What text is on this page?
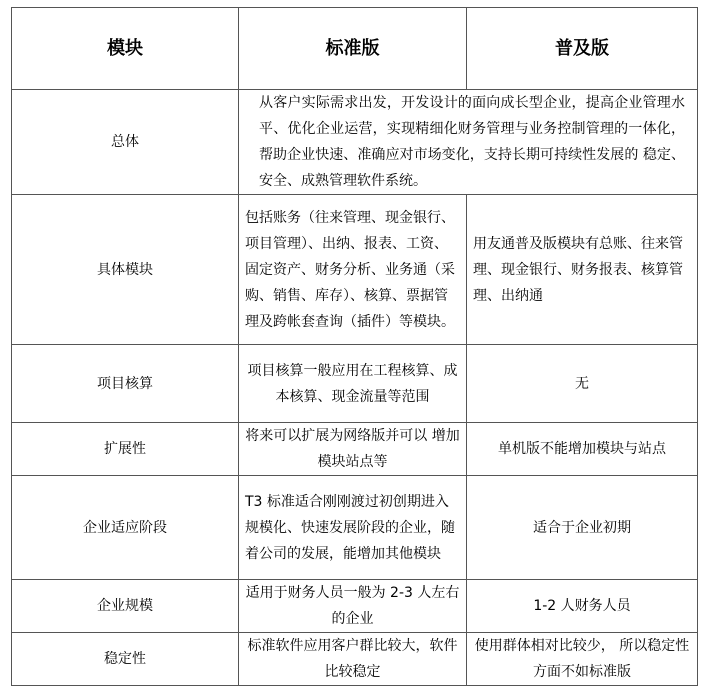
模块	标准版	普及版
总体	从客户实际需求出发，开发设计的面向成长型企业，提高企业管理水平、优化企业运营，实现精细化财务管理与业务控制管理的一体化，帮助企业快速、准确应对市场变化，支持长期可持续性发展的 稳定、安全、成熟管理软件系统。	

具体模块	包括账务（往来管理、现金银行、项目管理）、出纳、报表、工资、固定资产、财务分析、业务通（采购、销售、库存）、核算、票据管理及跨帐套查询（插件）等模块。	用友通普及版模块有总账、往来管理、现金银行、财务报表、核算管 理、出纳通
项目核算	项目核算一般应用在工程核算、成本核算、现金流量等范围	无
扩展性	将来可以扩展为网络版并可以 增加模块站点等	单机版不能增加模块与站点
企业适应阶段	T3 标准适合刚刚渡过初创期进入规模化、快速发展阶段的企业，随着公司的发展，能增加其他模块	适合于企业初期
企业规模	适用于财务人员一般为 2-3 人左右的企业	1-2 人财务人员
稳定性	标准软件应用客户群比较大，软件比较稳定	使用群体相对比较少， 所以稳定性方面不如标准版
